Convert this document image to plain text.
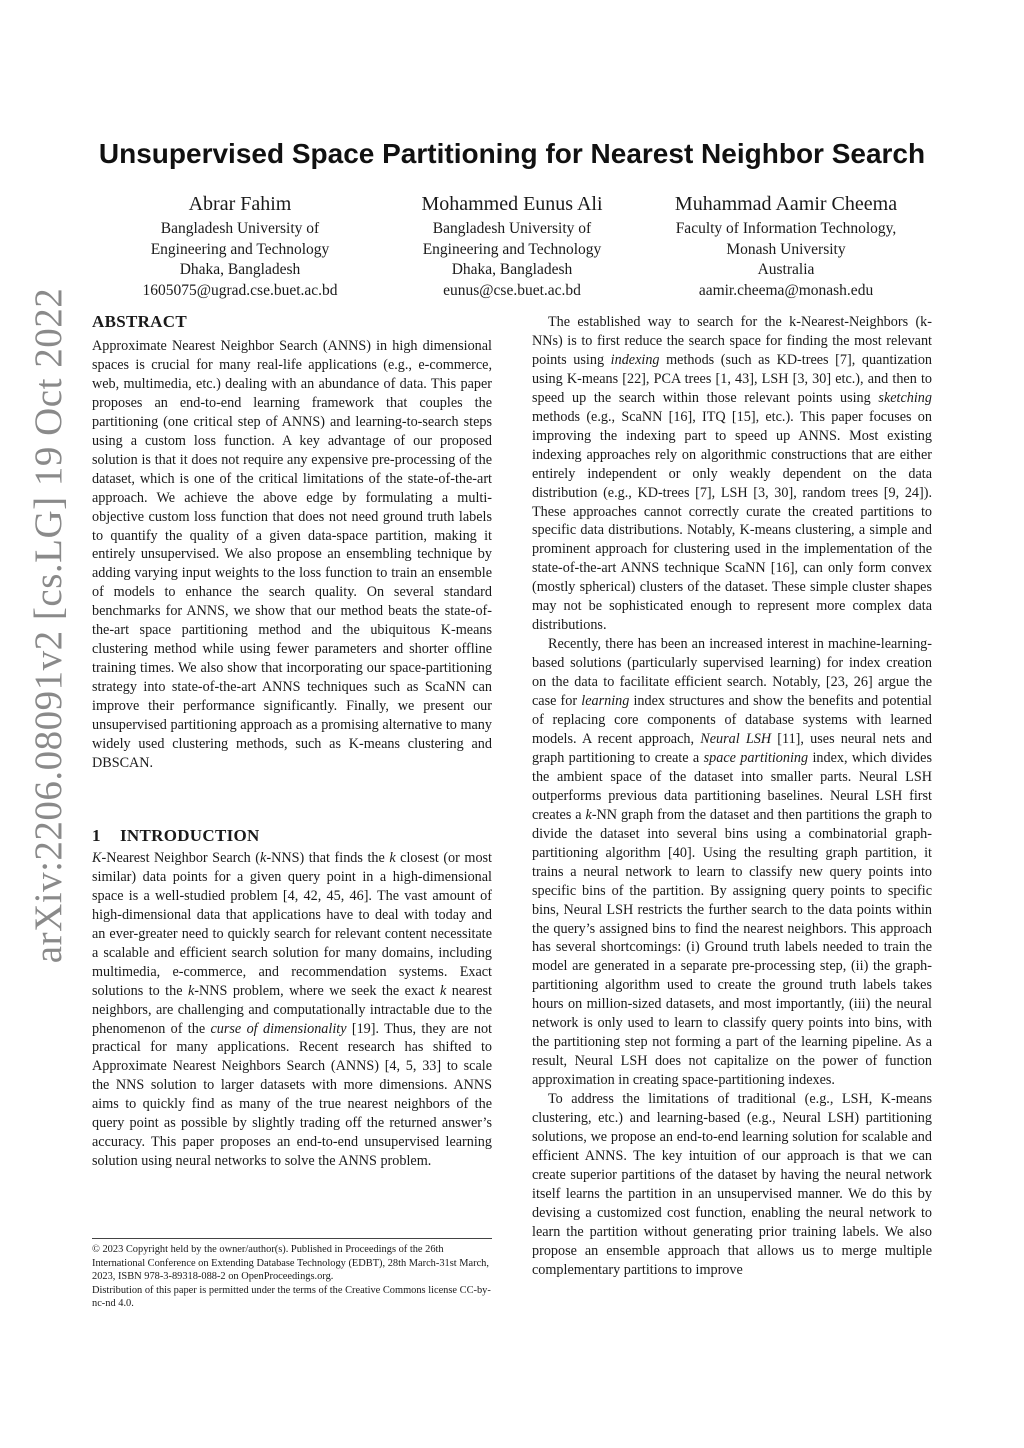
arXiv:2206.08091v2 [cs.LG] 19 Oct 2022
Unsupervised Space Partitioning for Nearest Neighbor Search
Abrar Fahim
Bangladesh University of
Engineering and Technology
Dhaka, Bangladesh
1605075@ugrad.cse.buet.ac.bd
Mohammed Eunus Ali
Bangladesh University of
Engineering and Technology
Dhaka, Bangladesh
eunus@cse.buet.ac.bd
Muhammad Aamir Cheema
Faculty of Information Technology,
Monash University
Australia
aamir.cheema@monash.edu
ABSTRACT

Approximate Nearest Neighbor Search (ANNS) in high dimensional spaces is crucial for many real-life applications (e.g., e-commerce, web, multimedia, etc.) dealing with an abundance of data. This paper proposes an end-to-end learning framework that couples the partitioning (one critical step of ANNS) and learning-to-search steps using a custom loss function. A key advantage of our proposed solution is that it does not require any expensive pre-processing of the dataset, which is one of the critical limitations of the state-of-the-art approach. We achieve the above edge by formulating a multi-objective custom loss function that does not need ground truth labels to quantify the quality of a given data-space partition, making it entirely unsupervised. We also propose an ensembling technique by adding varying input weights to the loss function to train an ensemble of models to enhance the search quality. On several standard benchmarks for ANNS, we show that our method beats the state-of-the-art space partitioning method and the ubiquitous K-means clustering method while using fewer parameters and shorter offline training times. We also show that incorporating our space-partitioning strategy into state-of-the-art ANNS techniques such as ScaNN can improve their performance significantly. Finally, we present our unsupervised partitioning approach as a promising alternative to many widely used clustering methods, such as K-means clustering and DBSCAN.

1 INTRODUCTION

K-Nearest Neighbor Search (k-NNS) that finds the k closest (or most similar) data points for a given query point in a high-dimensional space is a well-studied problem [4, 42, 45, 46]. The vast amount of high-dimensional data that applications have to deal with today and an ever-greater need to quickly search for relevant content necessitate a scalable and efficient search solution for many domains, including multimedia, e-commerce, and recommendation systems. Exact solutions to the k-NNS problem, where we seek the exact k nearest neighbors, are challenging and computationally intractable due to the phenomenon of the curse of dimensionality [19]. Thus, they are not practical for many applications. Recent research has shifted to Approximate Nearest Neighbors Search (ANNS) [4, 5, 33] to scale the NNS solution to larger datasets with more dimensions. ANNS aims to quickly find as many of the true nearest neighbors of the query point as possible by slightly trading off the returned answer’s accuracy. This paper proposes an end-to-end unsupervised learning solution using neural networks to solve the ANNS problem.

The established way to search for the k-Nearest-Neighbors (k-NNs) is to first reduce the search space for finding the most relevant points using indexing methods (such as KD-trees [7], quantization using K-means [22], PCA trees [1, 43], LSH [3, 30] etc.), and then to speed up the search within those relevant points using sketching methods (e.g., ScaNN [16], ITQ [15], etc.). This paper focuses on improving the indexing part to speed up ANNS. Most existing indexing approaches rely on algorithmic constructions that are either entirely independent or only weakly dependent on the data distribution (e.g., KD-trees [7], LSH [3, 30], random trees [9, 24]). These approaches cannot correctly curate the created partitions to specific data distributions. Notably, K-means clustering, a simple and prominent approach for clustering used in the implementation of the state-of-the-art ANNS technique ScaNN [16], can only form convex (mostly spherical) clusters of the dataset. These simple cluster shapes may not be sophisticated enough to represent more complex data distributions.

Recently, there has been an increased interest in machine-learning-based solutions (particularly supervised learning) for index creation on the data to facilitate efficient search. Notably, [23, 26] argue the case for learning index structures and show the benefits and potential of replacing core components of database systems with learned models. A recent approach, Neural LSH [11], uses neural nets and graph partitioning to create a space partitioning index, which divides the ambient space of the dataset into smaller parts. Neural LSH outperforms previous data partitioning baselines. Neural LSH first creates a k-NN graph from the dataset and then partitions the graph to divide the dataset into several bins using a combinatorial graph-partitioning algorithm [40]. Using the resulting graph partition, it trains a neural network to learn to classify new query points into specific bins of the partition. By assigning query points to specific bins, Neural LSH restricts the further search to the data points within the query’s assigned bins to find the nearest neighbors. This approach has several shortcomings: (i) Ground truth labels needed to train the model are generated in a separate pre-processing step, (ii) the graph-partitioning algorithm used to create the ground truth labels takes hours on million-sized datasets, and most importantly, (iii) the neural network is only used to learn to classify query points into bins, with the partitioning step not forming a part of the learning pipeline. As a result, Neural LSH does not capitalize on the power of function approximation in creating space-partitioning indexes.

To address the limitations of traditional (e.g., LSH, K-means clustering, etc.) and learning-based (e.g., Neural LSH) partitioning solutions, we propose an end-to-end learning solution for scalable and efficient ANNS. The key intuition of our approach is that we can create superior partitions of the dataset by having the neural network itself learns the partition in an unsupervised manner. We do this by devising a customized cost function, enabling the neural network to learn the partition without generating prior training labels. We also propose an ensemble approach that allows us to merge multiple complementary partitions to improve

© 2023 Copyright held by the owner/author(s). Published in Proceedings of the 26th International Conference on Extending Database Technology (EDBT), 28th March-31st March, 2023, ISBN 978-3-89318-088-2 on OpenProceedings.org.

Distribution of this paper is permitted under the terms of the Creative Commons license CC-by-nc-nd 4.0.
